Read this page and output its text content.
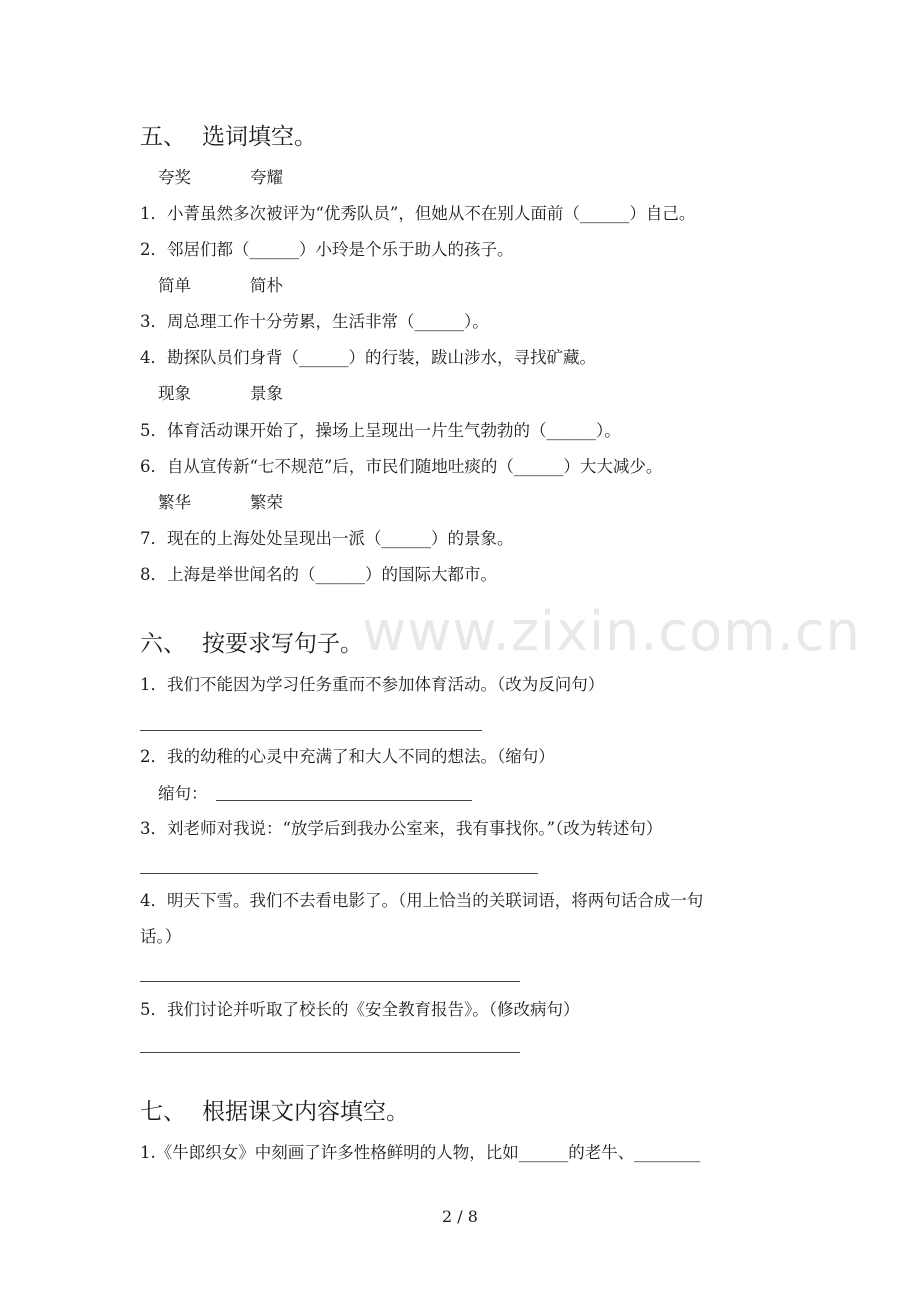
五、 选词填空。
夸奖	夸耀
1．小菁虽然多次被评为“优秀队员”，但她从不在别人面前（______）自己。
2．邻居们都（______）小玲是个乐于助人的孩子。
简单	简朴
3．周总理工作十分劳累，生活非常（______）。
4．勘探队员们身背（______）的行装，跋山涉水，寻找矿藏。
现象	景象
5．体育活动课开始了，操场上呈现出一片生气勃勃的（______）。
6．自从宣传新“七不规范”后，市民们随地吐痰的（______）大大减少。
繁华	繁荣
7．现在的上海处处呈现出一派（______）的景象。
8．上海是举世闻名的（______）的国际大都市。
www.zixin.com.cn
六、 按要求写句子。
1．我们不能因为学习任务重而不参加体育活动。（改为反问句）
2．我的幼稚的心灵中充满了和大人不同的想法。（缩句）
缩句：
3．刘老师对我说：“放学后到我办公室来，我有事找你。”（改为转述句）
4．明天下雪。我们不去看电影了。（用上恰当的关联词语，将两句话合成一句
话。）
5．我们讨论并听取了校长的《安全教育报告》。（修改病句）
七、 根据课文内容填空。
1.《牛郎织女》中刻画了许多性格鲜明的人物，比如______的老牛、________
2 / 8
